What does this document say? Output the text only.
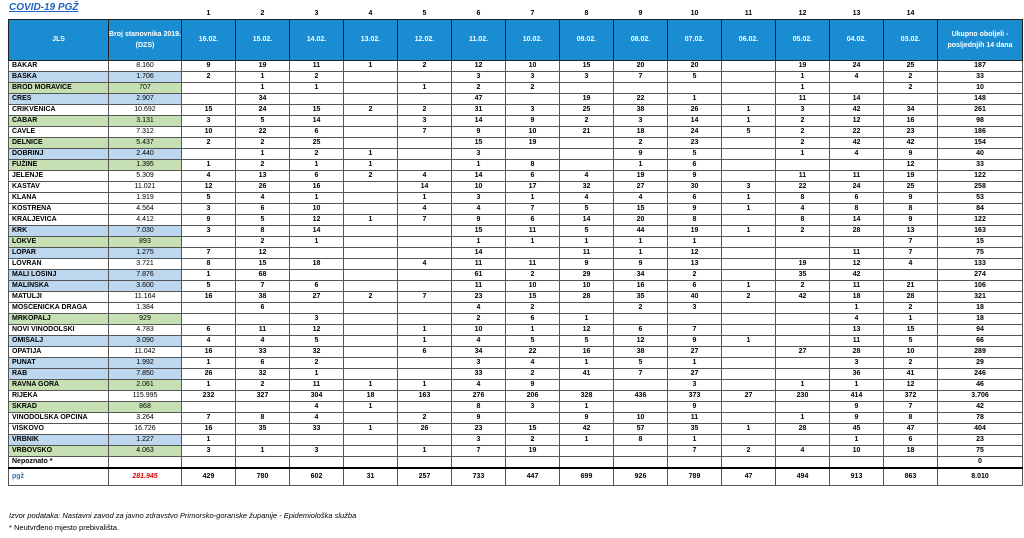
COVID-19 PGŽ
		1	2	3	4	5	6	7	8	9	10	11	12	13	14	
JLS	Broj stanovnika 2019. (DZS)	16.02.	15.02.	14.02.	13.02.	12.02.	11.02.	10.02.	09.02.	08.02.	07.02.	06.02.	05.02.	04.02.	03.02.	Ukupno oboljeli - posljednjih 14 dana
BAKAR	8.160	9	19	11	1	2	12	10	15	20	20		19	24	25	187
BAŠKA	1.706	2	1	2			3	3	3	7	5		1	4	2	33
BROD MORAVICE	707		1	1		1	2	2					1		2	10
CRES	2.907		34				47		19	22	1		11	14		148
CRIKVENICA	10.692	15	24	15	2	2	31	3	25	38	26	1	3	42	34	261
ČABAR	3.131	3	5	14		3	14	9	2	3	14	1	2	12	16	98
ČAVLE	7.312	10	22	6		7	9	10	21	18	24	5	2	22	23	186
DELNICE	5.437	2	2	25			15	19		2	23		2	42	42	154
DOBRINJ	2.440		1	2	1		3			9	5		1	4	9	40
FUŽINE	1.395	1	2	1	1		1	8		1	6				12	33
JELENJE	5.309	4	13	6	2	4	14	6	4	19	9		11	11	19	122
KASTAV	11.021	12	26	16		14	10	17	32	27	30	3	22	24	25	258
KLANA	1.919	5	4	1		1	3	1	4	4	6	1	8	6	9	53
KOSTRENA	4.564	3	6	10		4	4	7	5	15	9	1	4	8	8	84
KRALJEVICA	4.412	9	5	12	1	7	9	6	14	20	8		8	14	9	122
KRK	7.030	3	8	14			15	11	5	44	19	1	2	28	13	163
LOKVE	893		2	1			1	1	1	1	1				7	15
LOPAR	1.275	7	12				14		11	1	12			11	7	75
LOVRAN	3.721	8	15	18		4	11	11	9	9	13		19	12	4	133
MALI LOŠINJ	7.876	1	68				61	2	29	34	2		35	42		274
MALINSKA	3.600	5	7	6			11	10	10	16	6	1	2	11	21	106
MATULJI	11.164	16	38	27	2	7	23	15	28	35	40	2	42	18	28	321
MOŠĆENIČKA DRAGA	1.384		6				4	2		2	3			1	2	18
MRKOPALJ	929			3			2	6	1					4	1	18
NOVI VINODOLSKI	4.783	6	11	12		1	10	1	12	6	7			13	15	94
OMIŠALJ	3.090	4	4	5		1	4	5	5	12	9	1		11	5	66
OPATIJA	11.042	16	33	32		6	34	22	16	38	27		27	28	10	289
PUNAT	1.992	1	6	2			3	4	1	5	1			3	2	29
RAB	7.850	26	32	1			33	2	41	7	27			36	41	246
RAVNA GORA	2.061	1	2	11	1	1	4	9			3		1	1	12	46
RIJEKA	115.995	232	327	304	18	163	276	206	328	436	373	27	230	414	372	3.706
SKRAD	868			4	1		8	3	1		9			9	7	42
VINODOLSKA OPĆINA	3.264	7	8	4		2	9		9	10	11		1	9	8	78
VIŠKOVO	16.726	16	35	33	1	26	23	15	42	57	35	1	28	45	47	404
VRBNIK	1.227	1					3	2	1	8	1			1	6	23
VRBOVSKO	4.063	3	1	3		1	7	19			7	2	4	10	18	75
Nepoznato *																0
pgž	281.945	429	780	602	31	257	733	447	699	926	789	47	494	913	863	8.010
Izvor podataka: Nastavni zavod za javno zdravstvo Primorsko-goranske županije - Epidemiološka služba
* Neutvrđeno mjesto prebivališta.
